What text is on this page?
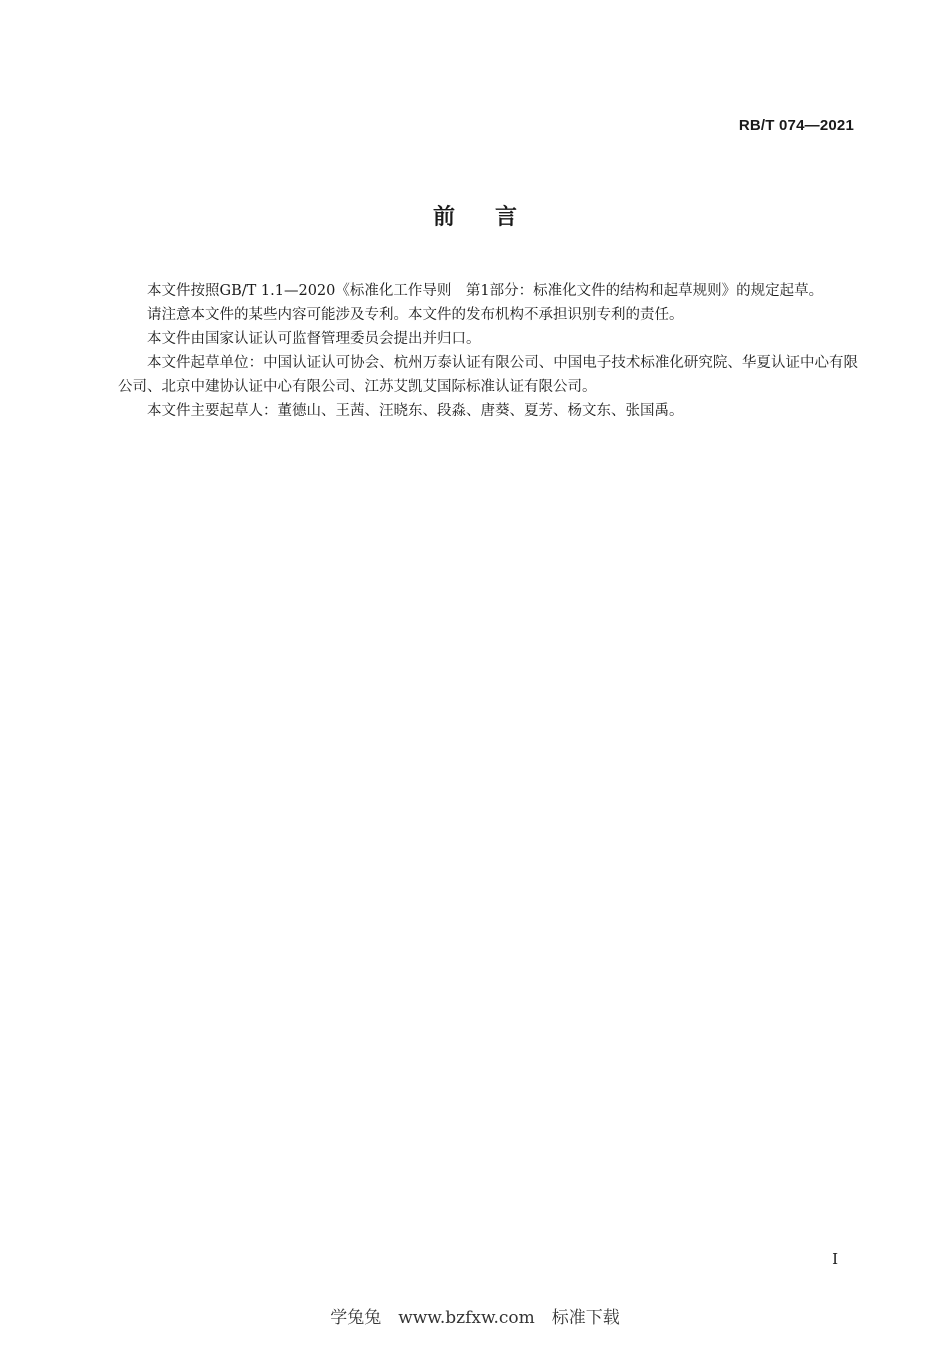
RB/T 074—2021
前言

本文件按照GB/T 1.1—2020《标准化工作导则　第1部分：标准化文件的结构和起草规则》的规定起草。

请注意本文件的某些内容可能涉及专利。本文件的发布机构不承担识别专利的责任。

本文件由国家认证认可监督管理委员会提出并归口。

本文件起草单位：中国认证认可协会、杭州万泰认证有限公司、中国电子技术标准化研究院、华夏认证中心有限公司、北京中建协认证中心有限公司、江苏艾凯艾国际标准认证有限公司。

本文件主要起草人：董德山、王茜、汪晓东、段淼、唐葵、夏芳、杨文东、张国禹。

I
学兔兔　www.bzfxw.com　标准下载
